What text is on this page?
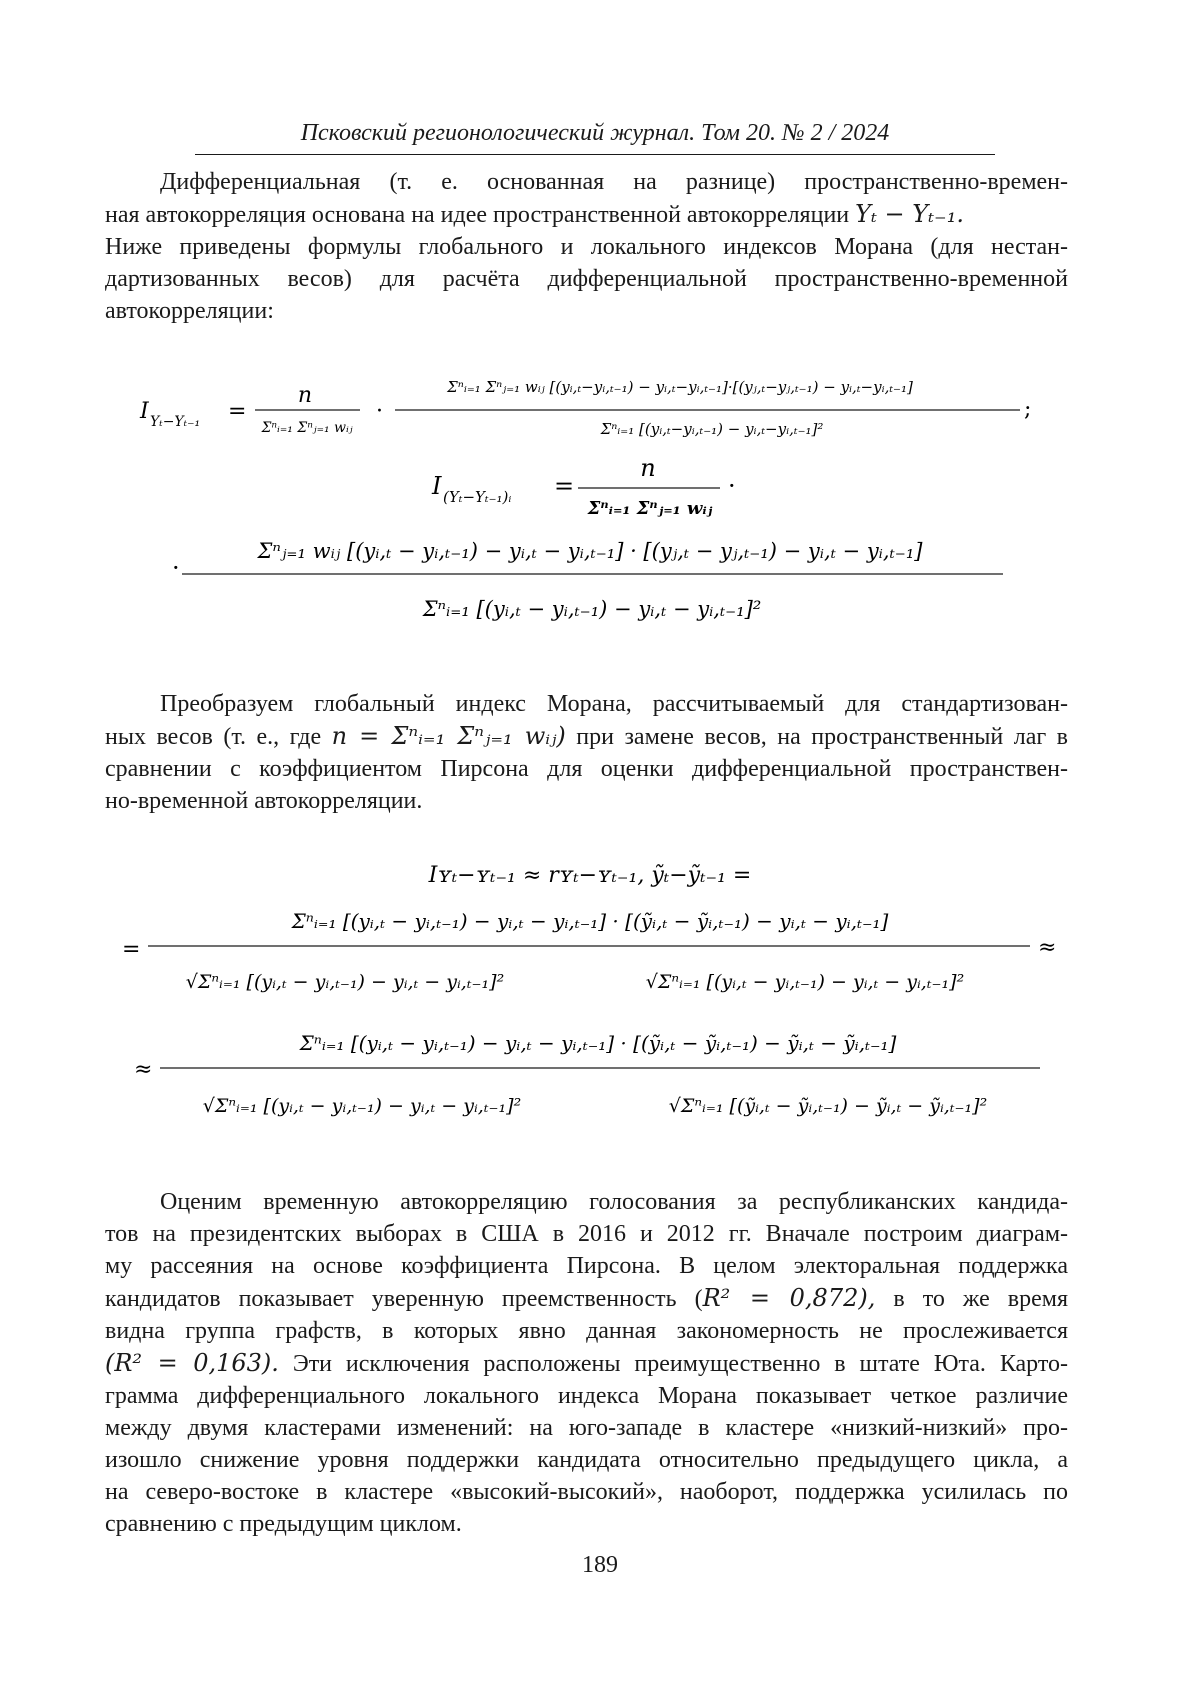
Псковский регионологический журнал. Том 20. № 2 / 2024
Дифференциальная (т. е. основанная на разнице) пространственно-времен-
ная автокорреляция основана на идее пространственной автокорреляции Yₜ − Yₜ₋₁.
Ниже приведены формулы глобального и локального индексов Морана (для нестан-
дартизованных весов) для расчёта дифференциальной пространственно-временной
автокорреляции:
I Yₜ−Yₜ₋₁ =
n
Σⁿᵢ₌₁ Σⁿⱼ₌₁ wᵢⱼ
·
Σⁿᵢ₌₁ Σⁿⱼ₌₁ wᵢⱼ [(yᵢ,ₜ−yᵢ,ₜ₋₁) − yᵢ,ₜ−yᵢ,ₜ₋₁]·[(yⱼ,ₜ−yⱼ,ₜ₋₁) − yᵢ,ₜ−yᵢ,ₜ₋₁]
Σⁿᵢ₌₁ [(yᵢ,ₜ−yᵢ,ₜ₋₁) − yᵢ,ₜ−yᵢ,ₜ₋₁]²
;
I (Yₜ−Yₜ₋₁)ᵢ =
n
Σⁿᵢ₌₁ Σⁿⱼ₌₁ wᵢⱼ
·
·
Σⁿⱼ₌₁ wᵢⱼ [(yᵢ,ₜ − yᵢ,ₜ₋₁) − yᵢ,ₜ − yᵢ,ₜ₋₁] · [(yⱼ,ₜ − yⱼ,ₜ₋₁) − yᵢ,ₜ − yᵢ,ₜ₋₁]
Σⁿᵢ₌₁ [(yᵢ,ₜ − yᵢ,ₜ₋₁) − yᵢ,ₜ − yᵢ,ₜ₋₁]²
Преобразуем глобальный индекс Морана, рассчитываемый для стандартизован-
ных весов (т. е., где n = Σⁿᵢ₌₁ Σⁿⱼ₌₁ wᵢⱼ) при замене весов, на пространственный лаг в
сравнении с коэффициентом Пирсона для оценки дифференциальной пространствен-
но-временной автокорреляции.
Iʏₜ−ʏₜ₋₁ ≈ rʏₜ−ʏₜ₋₁, ỹₜ−ỹₜ₋₁ =
=
Σⁿᵢ₌₁ [(yᵢ,ₜ − yᵢ,ₜ₋₁) − yᵢ,ₜ − yᵢ,ₜ₋₁] · [(ỹᵢ,ₜ − ỹᵢ,ₜ₋₁) − yᵢ,ₜ − yᵢ,ₜ₋₁]
√Σⁿᵢ₌₁ [(yᵢ,ₜ − yᵢ,ₜ₋₁) − yᵢ,ₜ − yᵢ,ₜ₋₁]²	√Σⁿᵢ₌₁ [(yᵢ,ₜ − yᵢ,ₜ₋₁) − yᵢ,ₜ − yᵢ,ₜ₋₁]²
≈
≈
Σⁿᵢ₌₁ [(yᵢ,ₜ − yᵢ,ₜ₋₁) − yᵢ,ₜ − yᵢ,ₜ₋₁] · [(ỹᵢ,ₜ − ỹᵢ,ₜ₋₁) − ỹᵢ,ₜ − ỹᵢ,ₜ₋₁]
√Σⁿᵢ₌₁ [(yᵢ,ₜ − yᵢ,ₜ₋₁) − yᵢ,ₜ − yᵢ,ₜ₋₁]²	√Σⁿᵢ₌₁ [(ỹᵢ,ₜ − ỹᵢ,ₜ₋₁) − ỹᵢ,ₜ − ỹᵢ,ₜ₋₁]²
Оценим временную автокорреляцию голосования за республиканских кандида-
тов на президентских выборах в США в 2016 и 2012 гг. Вначале построим диаграм-
му рассеяния на основе коэффициента Пирсона. В целом электоральная поддержка
кандидатов показывает уверенную преемственность (R² = 0,872), в то же время
видна группа графств, в которых явно данная закономерность не прослеживается
(R² = 0,163). Эти исключения расположены преимущественно в штате Юта. Карто-
грамма дифференциального локального индекса Морана показывает четкое различие
между двумя кластерами изменений: на юго-западе в кластере «низкий-низкий» про-
изошло снижение уровня поддержки кандидата относительно предыдущего цикла, а
на северо-востоке в кластере «высокий-высокий», наоборот, поддержка усилилась по
сравнению с предыдущим циклом.
189
